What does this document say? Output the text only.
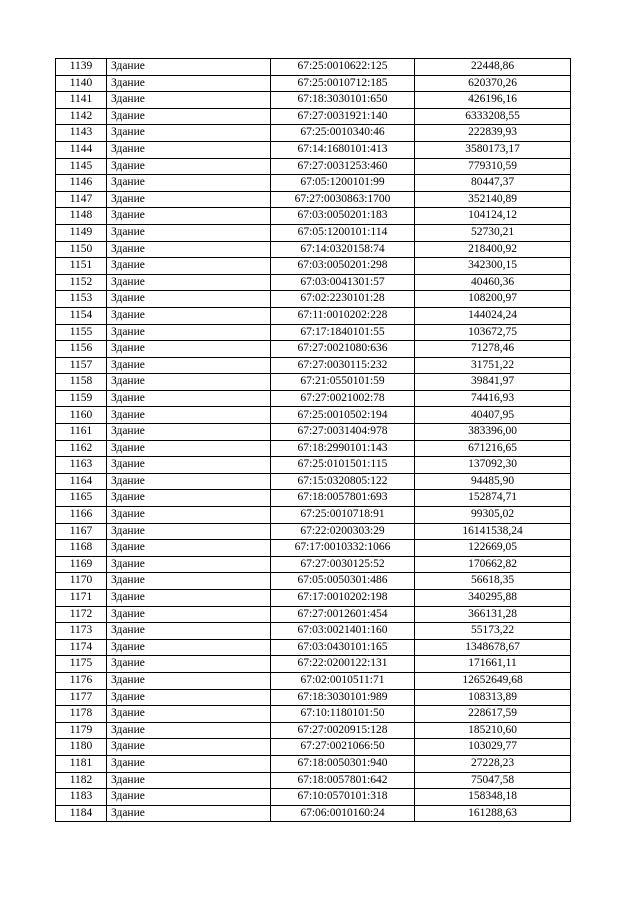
1139	Здание	67:25:0010622:125	22448,86
1140	Здание	67:25:0010712:185	620370,26
1141	Здание	67:18:3030101:650	426196,16
1142	Здание	67:27:0031921:140	6333208,55
1143	Здание	67:25:0010340:46	222839,93
1144	Здание	67:14:1680101:413	3580173,17
1145	Здание	67:27:0031253:460	779310,59
1146	Здание	67:05:1200101:99	80447,37
1147	Здание	67:27:0030863:1700	352140,89
1148	Здание	67:03:0050201:183	104124,12
1149	Здание	67:05:1200101:114	52730,21
1150	Здание	67:14:0320158:74	218400,92
1151	Здание	67:03:0050201:298	342300,15
1152	Здание	67:03:0041301:57	40460,36
1153	Здание	67:02:2230101:28	108200,97
1154	Здание	67:11:0010202:228	144024,24
1155	Здание	67:17:1840101:55	103672,75
1156	Здание	67:27:0021080:636	71278,46
1157	Здание	67:27:0030115:232	31751,22
1158	Здание	67:21:0550101:59	39841,97
1159	Здание	67:27:0021002:78	74416,93
1160	Здание	67:25:0010502:194	40407,95
1161	Здание	67:27:0031404:978	383396,00
1162	Здание	67:18:2990101:143	671216,65
1163	Здание	67:25:0101501:115	137092,30
1164	Здание	67:15:0320805:122	94485,90
1165	Здание	67:18:0057801:693	152874,71
1166	Здание	67:25:0010718:91	99305,02
1167	Здание	67:22:0200303:29	16141538,24
1168	Здание	67:17:0010332:1066	122669,05
1169	Здание	67:27:0030125:52	170662,82
1170	Здание	67:05:0050301:486	56618,35
1171	Здание	67:17:0010202:198	340295,88
1172	Здание	67:27:0012601:454	366131,28
1173	Здание	67:03:0021401:160	55173,22
1174	Здание	67:03:0430101:165	1348678,67
1175	Здание	67:22:0200122:131	171661,11
1176	Здание	67:02:0010511:71	12652649,68
1177	Здание	67:18:3030101:989	108313,89
1178	Здание	67:10:1180101:50	228617,59
1179	Здание	67:27:0020915:128	185210,60
1180	Здание	67:27:0021066:50	103029,77
1181	Здание	67:18:0050301:940	27228,23
1182	Здание	67:18:0057801:642	75047,58
1183	Здание	67:10:0570101:318	158348,18
1184	Здание	67:06:0010160:24	161288,63
